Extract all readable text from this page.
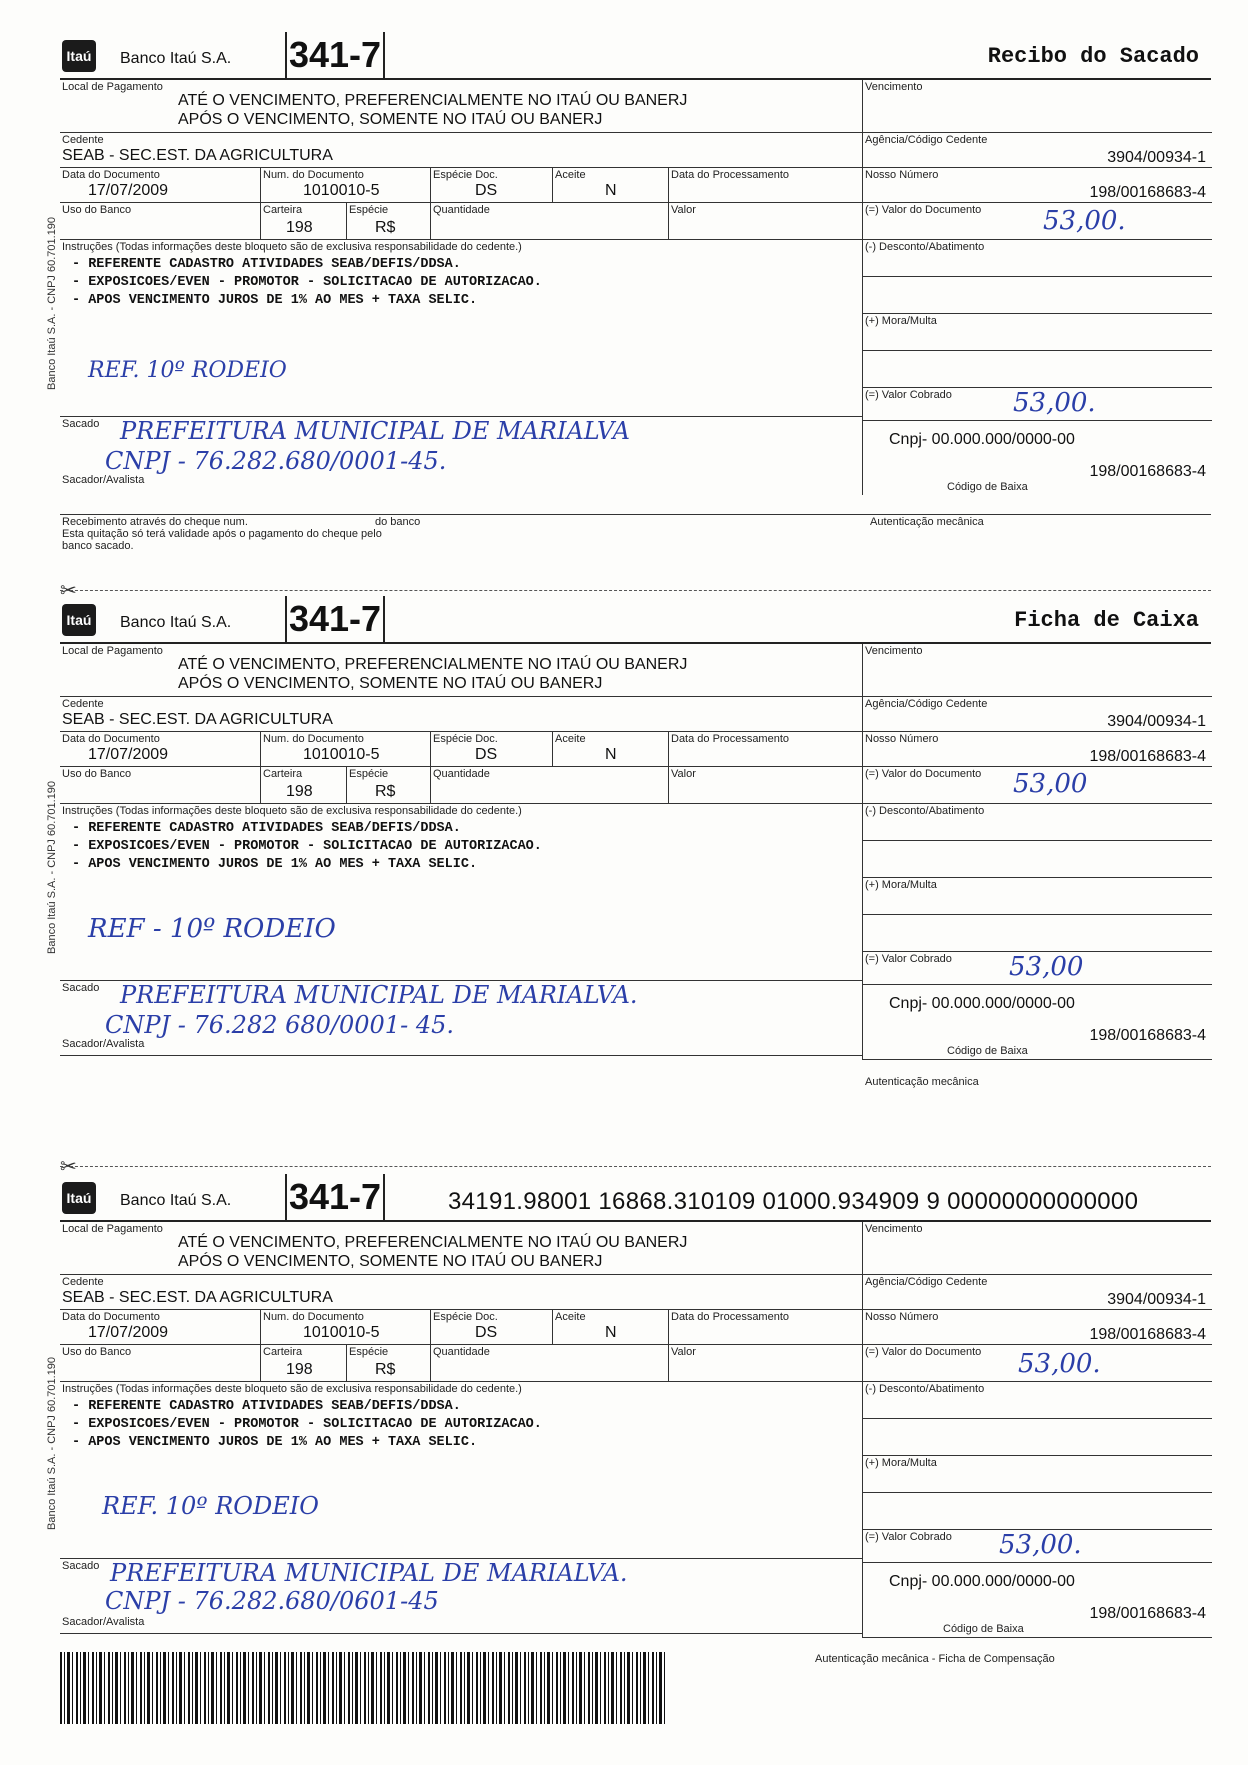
Itaú Banco Itaú S.A. 341-7	Recibo do Sacado
Local de Pagamento
ATÉ O VENCIMENTO, PREFERENCIALMENTE NO ITAÚ OU BANERJ
APÓS O VENCIMENTO, SOMENTE NO ITAÚ OU BANERJ
Cedente
SEAB - SEC.EST. DA AGRICULTURA
Data do Documento
17/07/2009
Num. do Documento
1010010-5
Espécie Doc.
DS
Aceite
N
Data do Processamento
Uso do Banco	Carteira
198
Espécie
R$
Quantidade	Valor
Instruções (Todas informações deste bloqueto são de exclusiva responsabilidade do cedente.)
- REFERENTE CADASTRO ATIVIDADES SEAB/DEFIS/DDSA.
- EXPOSICOES/EVEN - PROMOTOR - SOLICITACAO DE AUTORIZACAO.
- APOS VENCIMENTO JUROS DE 1% AO MES + TAXA SELIC.
REF. 10º RODEIO
Sacado PREFEITURA MUNICIPAL DE MARIALVA
CNPJ - 76.282.680/0001-45.
Sacador/Avalista
Vencimento
Agência/Código Cedente
3904/00934-1
Nosso Número
198/00168683-4
(=) Valor do Documento 53,00.
(-) Desconto/Abatimento
(+) Mora/Multa
(=) Valor Cobrado 53,00.
Cnpj- 00.000.000/0000-00
198/00168683-4
Código de Baixa
Recebimento através do cheque num.	do banco
Esta quitação só terá validade após o pagamento do cheque pelo
banco sacado.
Autenticação mecânica
Banco Itaú S.A. - CNPJ 60.701.190
✂
Itaú Banco Itaú S.A. 341-7	Ficha de Caixa
Local de Pagamento
ATÉ O VENCIMENTO, PREFERENCIALMENTE NO ITAÚ OU BANERJ
APÓS O VENCIMENTO, SOMENTE NO ITAÚ OU BANERJ
Cedente
SEAB - SEC.EST. DA AGRICULTURA
Data do Documento
17/07/2009
Num. do Documento
1010010-5
Espécie Doc.
DS
Aceite
N
Data do Processamento
Uso do Banco	Carteira
198
Espécie
R$
Quantidade	Valor
Instruções (Todas informações deste bloqueto são de exclusiva responsabilidade do cedente.)
- REFERENTE CADASTRO ATIVIDADES SEAB/DEFIS/DDSA.
- EXPOSICOES/EVEN - PROMOTOR - SOLICITACAO DE AUTORIZACAO.
- APOS VENCIMENTO JUROS DE 1% AO MES + TAXA SELIC.
REF - 10º RODEIO
Sacado PREFEITURA MUNICIPAL DE MARIALVA.
CNPJ - 76.282 680/0001- 45.
Sacador/Avalista
Vencimento
Agência/Código Cedente
3904/00934-1
Nosso Número
198/00168683-4
(=) Valor do Documento 53,00
(-) Desconto/Abatimento
(+) Mora/Multa
(=) Valor Cobrado 53,00
Cnpj- 00.000.000/0000-00
198/00168683-4
Código de Baixa
Autenticação mecânica
Banco Itaú S.A. - CNPJ 60.701.190
✂
Itaú Banco Itaú S.A. 341-7	34191.98001 16868.310109 01000.934909 9 00000000000000
Local de Pagamento
ATÉ O VENCIMENTO, PREFERENCIALMENTE NO ITAÚ OU BANERJ
APÓS O VENCIMENTO, SOMENTE NO ITAÚ OU BANERJ
Cedente
SEAB - SEC.EST. DA AGRICULTURA
Data do Documento
17/07/2009
Num. do Documento
1010010-5
Espécie Doc.
DS
Aceite
N
Data do Processamento
Uso do Banco	Carteira
198
Espécie
R$
Quantidade	Valor
Instruções (Todas informações deste bloqueto são de exclusiva responsabilidade do cedente.)
- REFERENTE CADASTRO ATIVIDADES SEAB/DEFIS/DDSA.
- EXPOSICOES/EVEN - PROMOTOR - SOLICITACAO DE AUTORIZACAO.
- APOS VENCIMENTO JUROS DE 1% AO MES + TAXA SELIC.
REF. 10º RODEIO
Sacado PREFEITURA MUNICIPAL DE MARIALVA.
CNPJ - 76.282.680/0601-45
Sacador/Avalista
Vencimento
Agência/Código Cedente
3904/00934-1
Nosso Número
198/00168683-4
(=) Valor do Documento 53,00.
(-) Desconto/Abatimento
(+) Mora/Multa
(=) Valor Cobrado 53,00.
Cnpj- 00.000.000/0000-00
198/00168683-4
Código de Baixa
Autenticação mecânica - Ficha de Compensação
Banco Itaú S.A. - CNPJ 60.701.190
